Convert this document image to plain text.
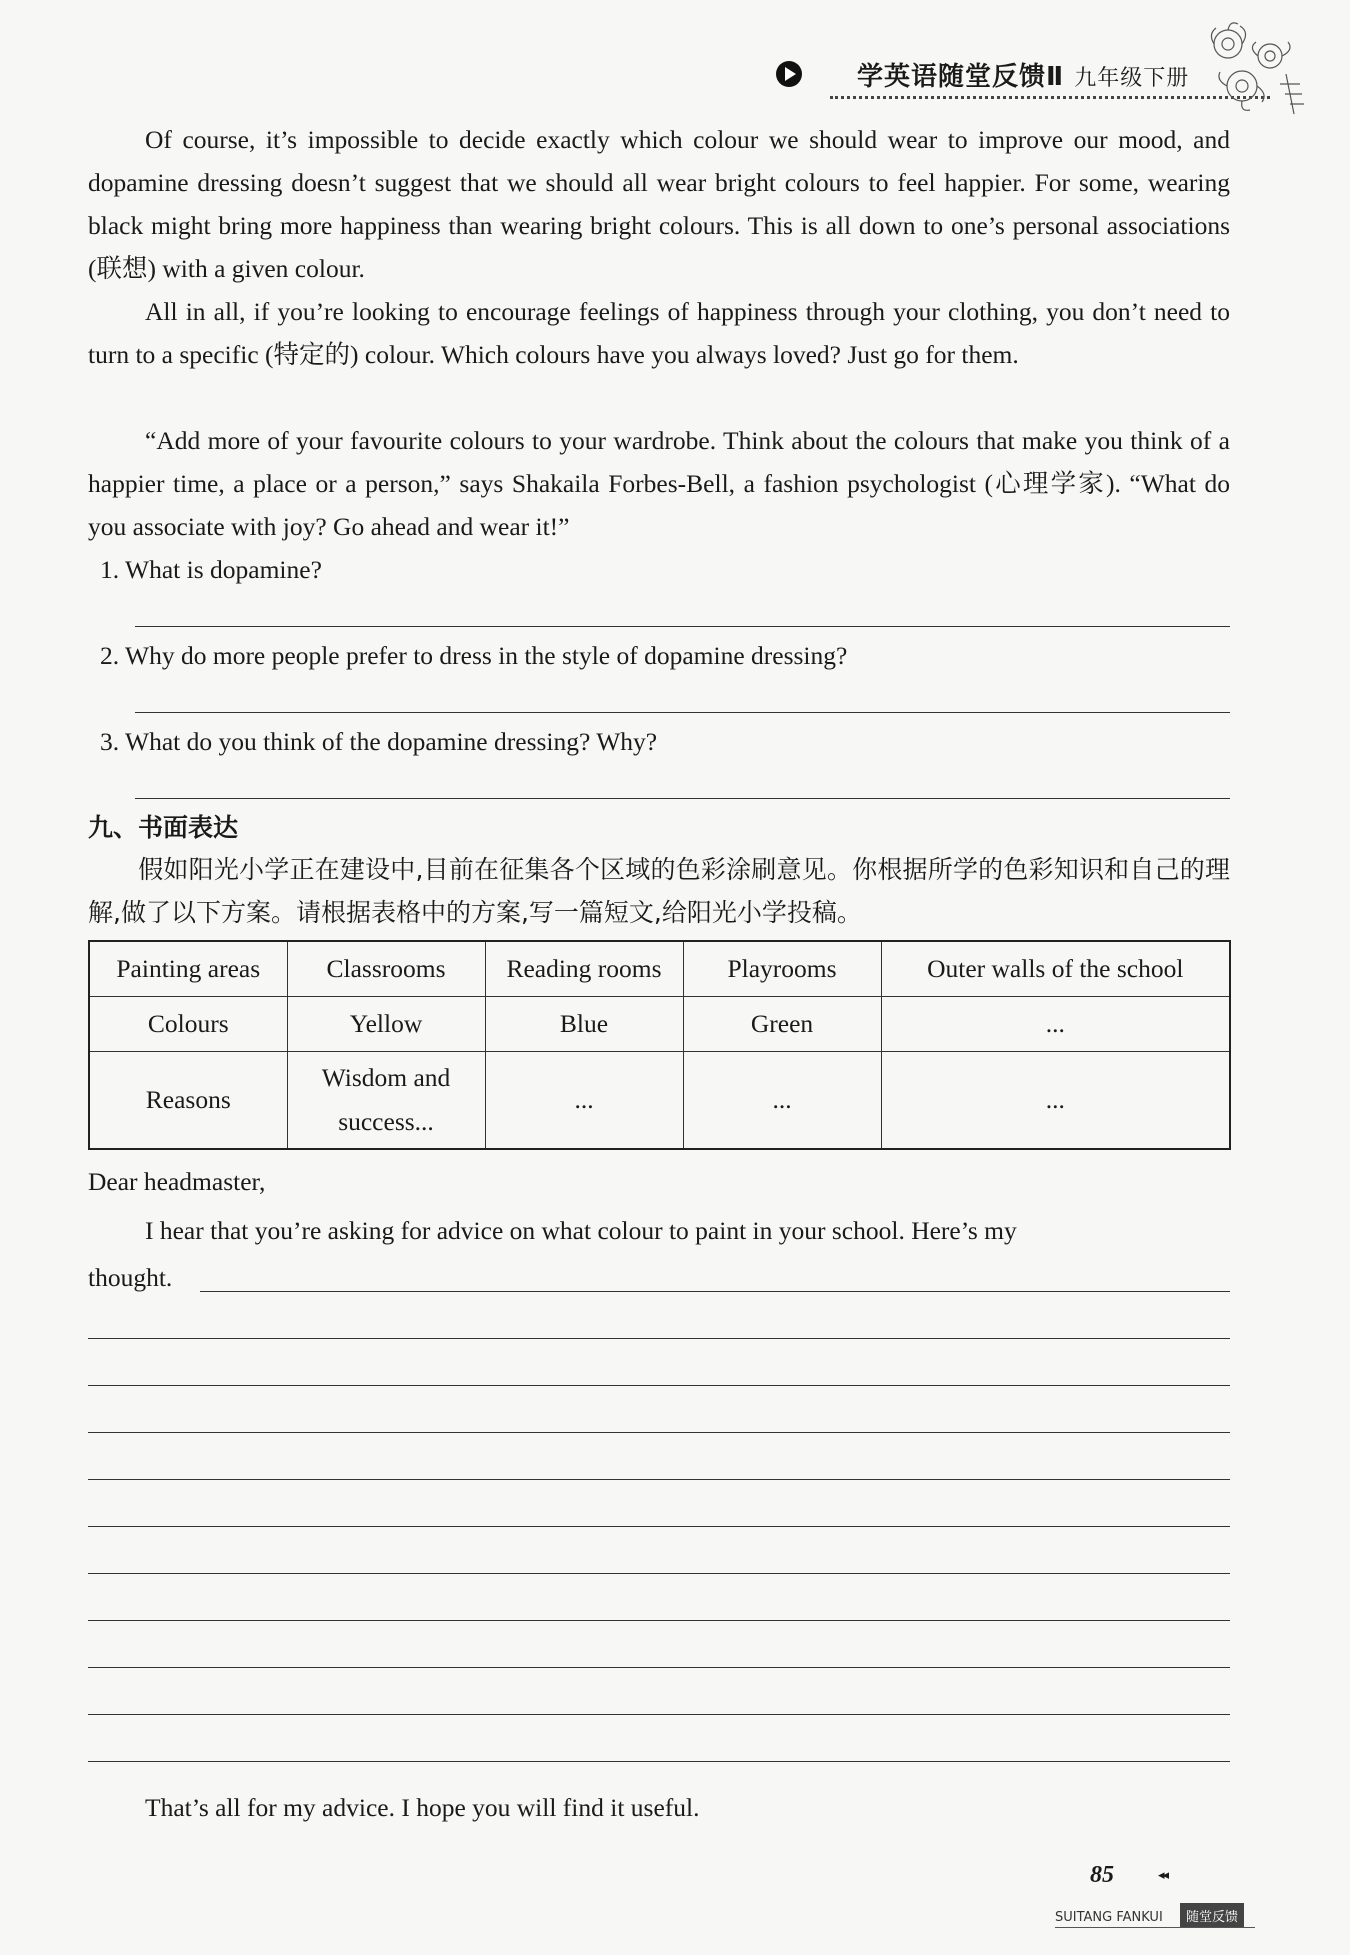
学英语随堂反馈Ⅱ 九年级下册
Of course, it’s impossible to decide exactly which colour we should wear to improve our mood, and dopamine dressing doesn’t suggest that we should all wear bright colours to feel happier. For some, wearing black might bring more happiness than wearing bright colours. This is all down to one’s personal associations (联想) with a given colour.
All in all, if you’re looking to encourage feelings of happiness through your clothing, you don’t need to turn to a specific (特定的) colour. Which colours have you always loved? Just go for them.
“Add more of your favourite colours to your wardrobe. Think about the colours that make you think of a happier time, a place or a person,” says Shakaila Forbes-Bell, a fashion psychologist (心理学家). “What do you associate with joy? Go ahead and wear it!”
1. What is dopamine?
2. Why do more people prefer to dress in the style of dopamine dressing?
3. What do you think of the dopamine dressing? Why?
九、书面表达
假如阳光小学正在建设中,目前在征集各个区域的色彩涂刷意见。你根据所学的色彩知识和自己的理解,做了以下方案。请根据表格中的方案,写一篇短文,给阳光小学投稿。
Painting areas	Classrooms	Reading rooms	Playrooms	Outer walls of the school
Colours	Yellow	Blue	Green	...
Reasons	Wisdom and success...	...	...	...
Dear headmaster,
I hear that you’re asking for advice on what colour to paint in your school. Here’s my
thought.
That’s all for my advice. I hope you will find it useful.
85	◂◂
SUITANG FANKUI	随堂反馈
